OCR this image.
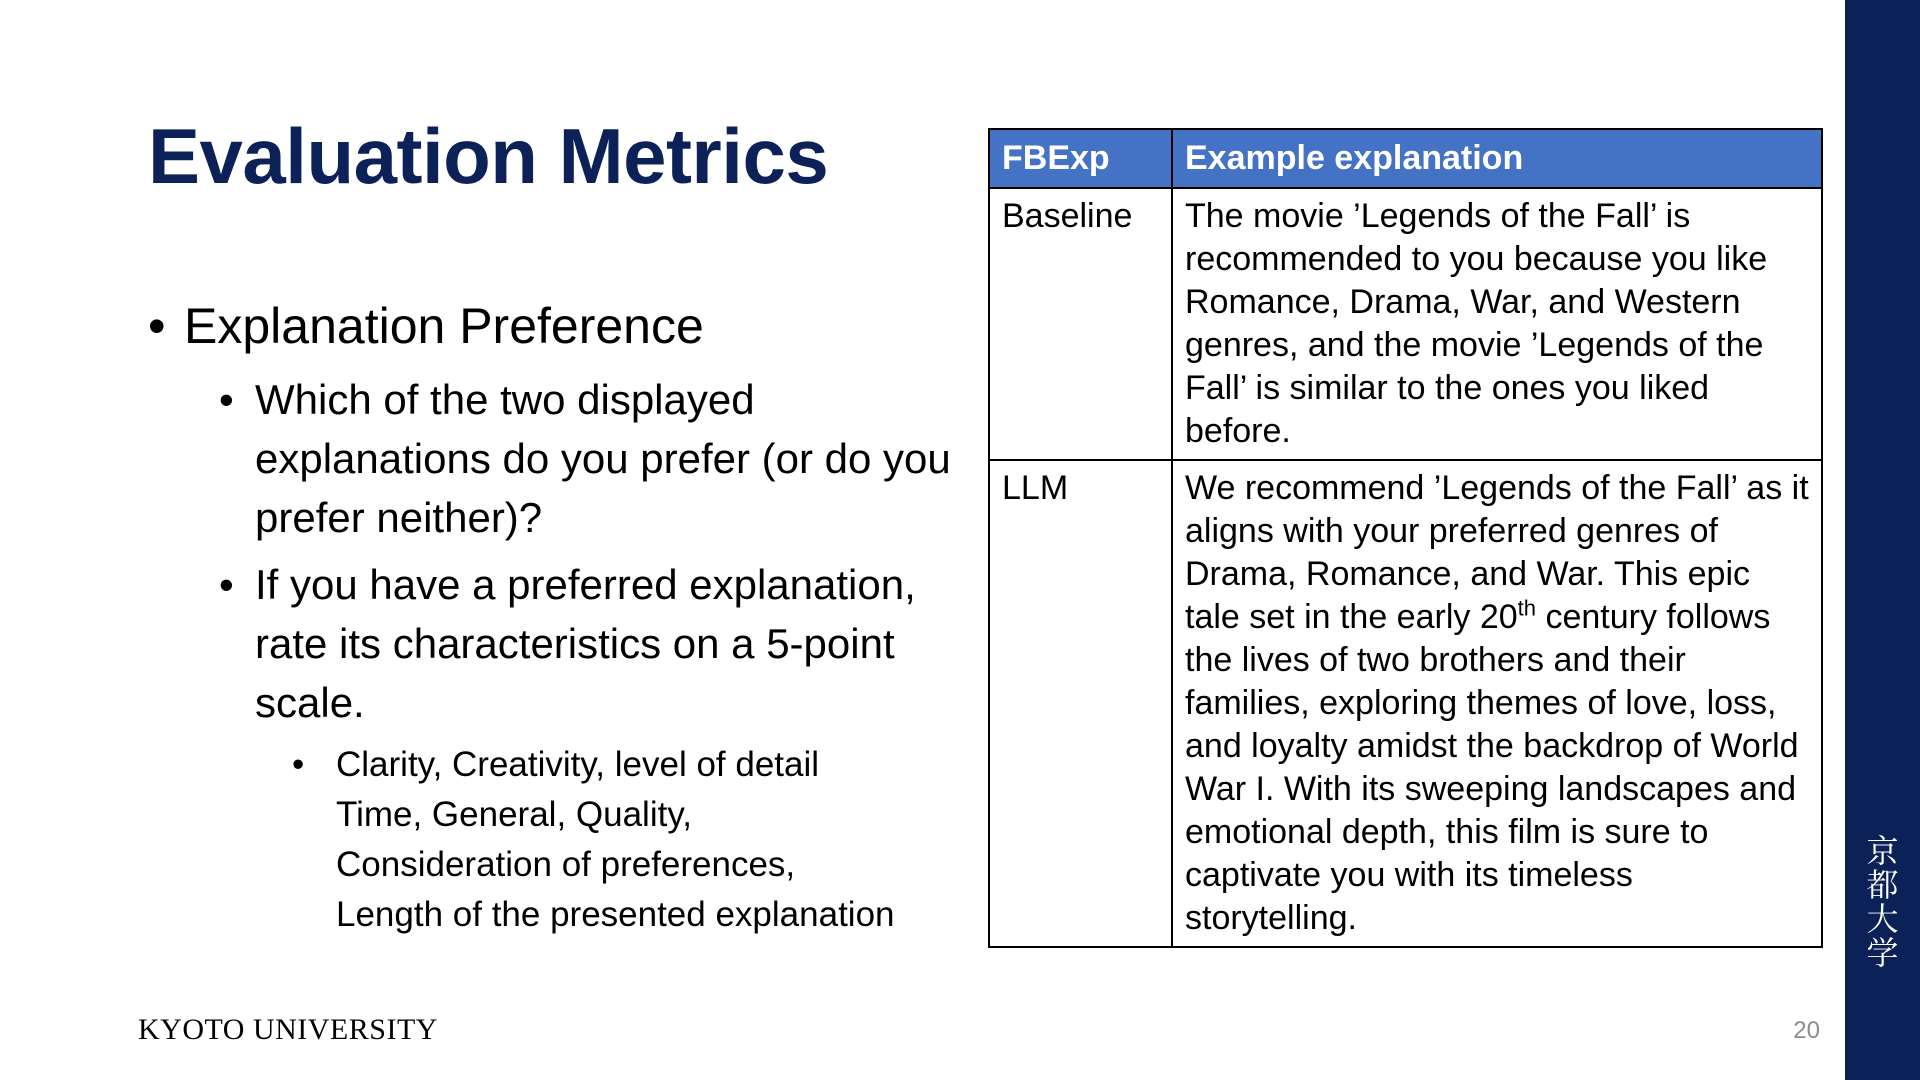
京
都
大
学
Evaluation Metrics
• Explanation Preference
• Which of the two displayed explanations do you prefer (or do you prefer neither)?
• If you have a preferred explanation, rate its characteristics on a 5-point scale.
• Clarity, Creativity, level of detail
Time, General, Quality,
Consideration of preferences,
Length of the presented explanation
FBExp	Example explanation
Baseline	The movie ’Legends of the Fall’ is recommended to you because you like Romance, Drama, War, and Western genres, and the movie ’Legends of the Fall’ is similar to the ones you liked before.
LLM	We recommend ’Legends of the Fall’ as it aligns with your preferred genres of Drama, Romance, and War. This epic tale set in the early 20th century follows the lives of two brothers and their families, exploring themes of love, loss, and loyalty amidst the backdrop of World War I. With its sweeping landscapes and emotional depth, this film is sure to captivate you with its timeless storytelling.
KYOTO UNIVERSITY	20
